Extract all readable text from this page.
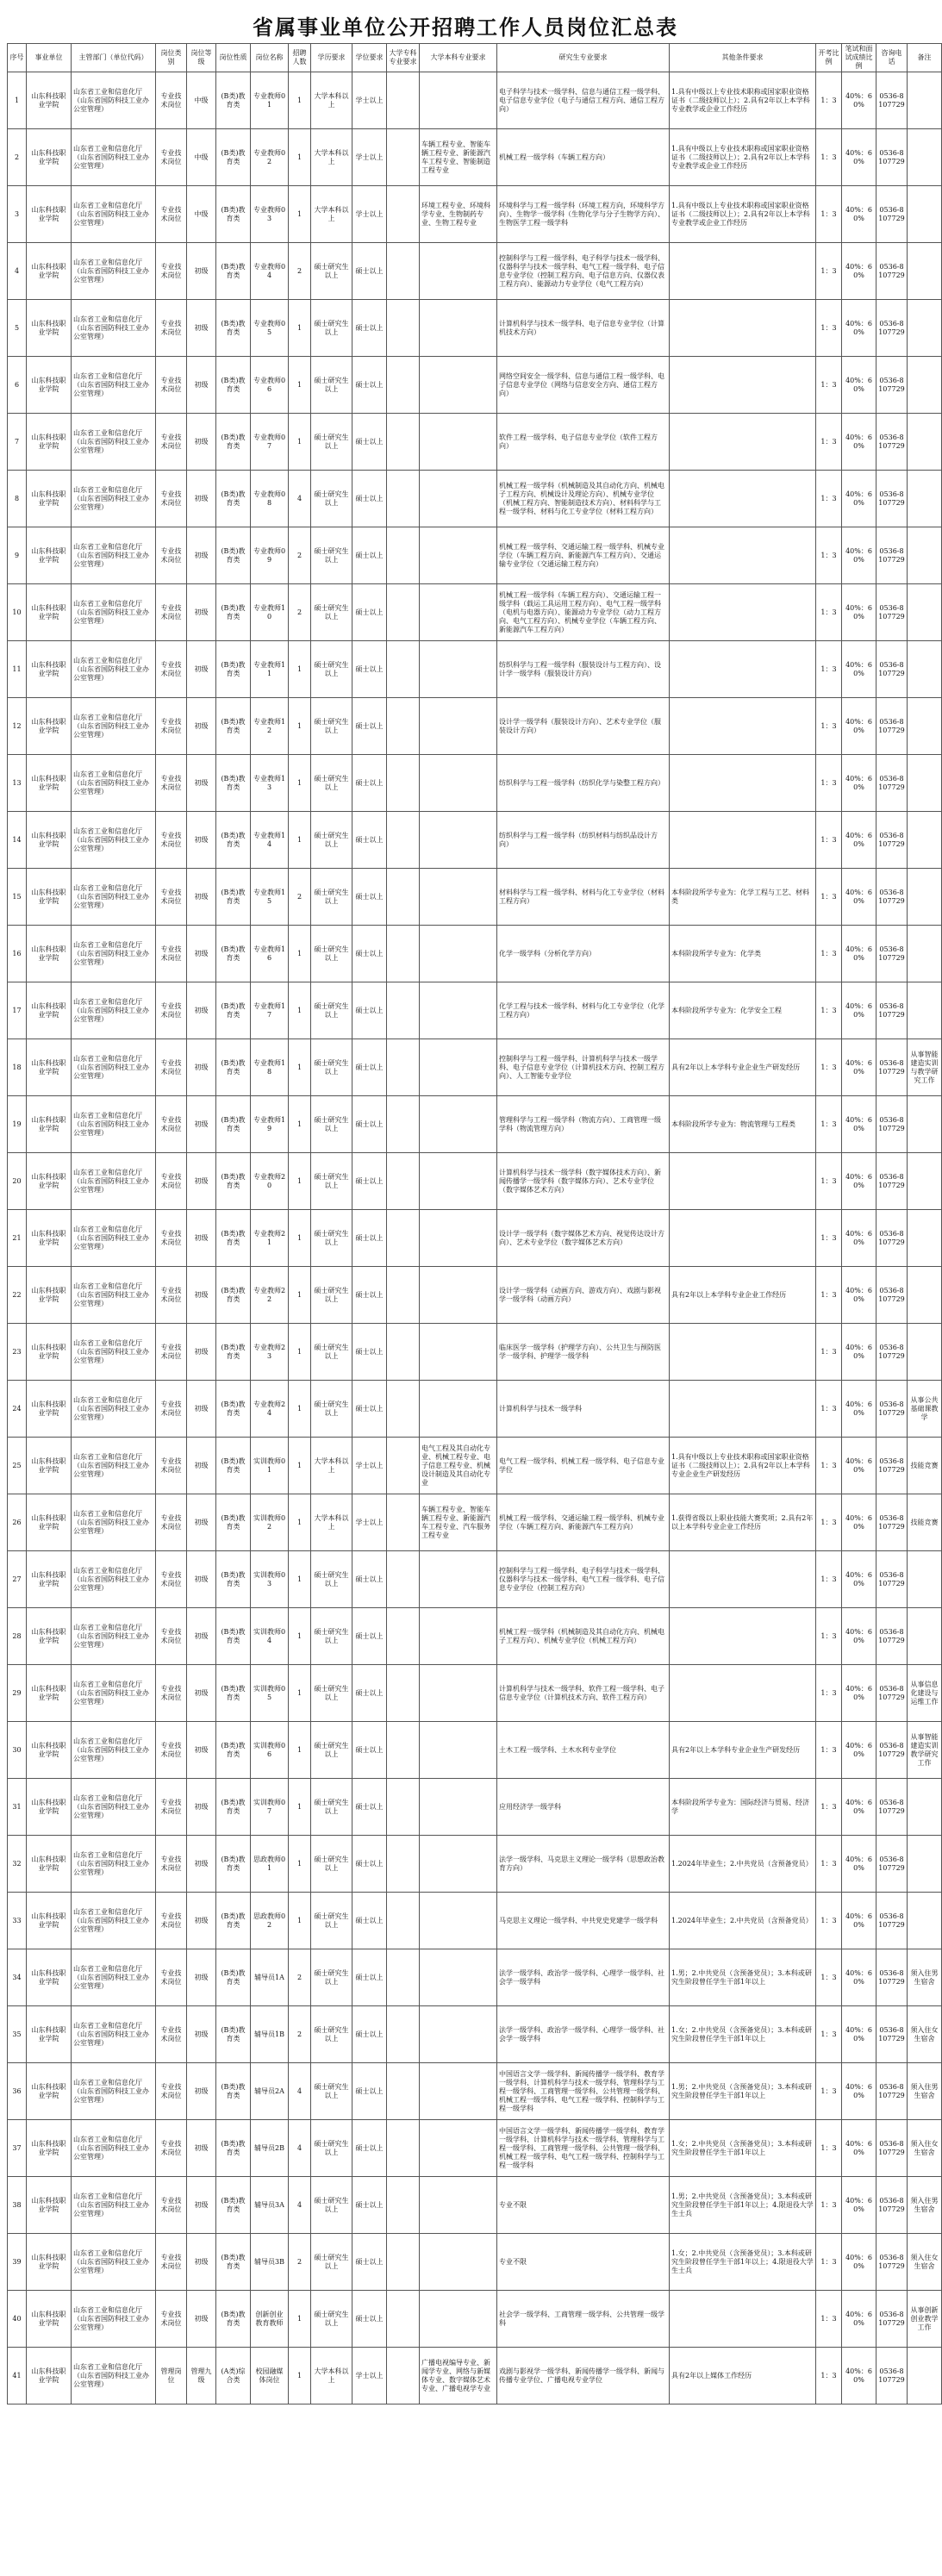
省属事业单位公开招聘工作人员岗位汇总表
序号	事业单位	主管部门（单位代码）	岗位类别	岗位等级	岗位性质	岗位名称	招聘人数	学历要求	学位要求	大学专科专业要求	大学本科专业要求	研究生专业要求	其他条件要求	开考比例	笔试和面试成绩比例	咨询电话	备注
1	山东科技职业学院	山东省工业和信息化厅（山东省国防科技工业办公室管理）	专业技术岗位	中级	(B类)教育类	专业教师01	1	大学本科以上	学士以上			电子科学与技术一级学科、信息与通信工程一级学科、电子信息专业学位（电子与通信工程方向、通信工程方向）	1.具有中级以上专业技术职称或国家职业资格证书（二级技师以上）；2.具有2年以上本学科专业教学或企业工作经历	1：3	40%：60%	0536-8107729	
2	山东科技职业学院	山东省工业和信息化厅（山东省国防科技工业办公室管理）	专业技术岗位	中级	(B类)教育类	专业教师02	1	大学本科以上	学士以上		车辆工程专业、智能车辆工程专业、新能源汽车工程专业、智能制造工程专业	机械工程一级学科（车辆工程方向）	1.具有中级以上专业技术职称或国家职业资格证书（二级技师以上）；2.具有2年以上本学科专业教学或企业工作经历	1：3	40%：60%	0536-8107729	
3	山东科技职业学院	山东省工业和信息化厅（山东省国防科技工业办公室管理）	专业技术岗位	中级	(B类)教育类	专业教师03	1	大学本科以上	学士以上		环境工程专业、环境科学专业、生物制药专业、生物工程专业	环境科学与工程一级学科（环境工程方向，环境科学方向）、生物学一级学科（生物化学与分子生物学方向）、生物医学工程一级学科	1.具有中级以上专业技术职称或国家职业资格证书（二级技师以上）；2.具有2年以上本学科专业教学或企业工作经历	1：3	40%：60%	0536-8107729	
4	山东科技职业学院	山东省工业和信息化厅（山东省国防科技工业办公室管理）	专业技术岗位	初级	(B类)教育类	专业教师04	2	硕士研究生以上	硕士以上			控制科学与工程一级学科、电子科学与技术一级学科、仪器科学与技术一级学科、电气工程一级学科、电子信息专业学位（控制工程方向、电子信息方向、仪器仪表工程方向）、能源动力专业学位（电气工程方向）		1：3	40%：60%	0536-8107729	
5	山东科技职业学院	山东省工业和信息化厅（山东省国防科技工业办公室管理）	专业技术岗位	初级	(B类)教育类	专业教师05	1	硕士研究生以上	硕士以上			计算机科学与技术一级学科、电子信息专业学位（计算机技术方向）		1：3	40%：60%	0536-8107729	
6	山东科技职业学院	山东省工业和信息化厅（山东省国防科技工业办公室管理）	专业技术岗位	初级	(B类)教育类	专业教师06	1	硕士研究生以上	硕士以上			网络空间安全一级学科、信息与通信工程一级学科、电子信息专业学位（网络与信息安全方向、通信工程方向）		1：3	40%：60%	0536-8107729	
7	山东科技职业学院	山东省工业和信息化厅（山东省国防科技工业办公室管理）	专业技术岗位	初级	(B类)教育类	专业教师07	1	硕士研究生以上	硕士以上			软件工程一级学科、电子信息专业学位（软件工程方向）		1：3	40%：60%	0536-8107729	
8	山东科技职业学院	山东省工业和信息化厅（山东省国防科技工业办公室管理）	专业技术岗位	初级	(B类)教育类	专业教师08	4	硕士研究生以上	硕士以上			机械工程一级学科（机械制造及其自动化方向、机械电子工程方向、机械设计及理论方向）、机械专业学位（机械工程方向、智能制造技术方向）、材料科学与工程一级学科、材料与化工专业学位（材料工程方向）		1：3	40%：60%	0536-8107729	
9	山东科技职业学院	山东省工业和信息化厅（山东省国防科技工业办公室管理）	专业技术岗位	初级	(B类)教育类	专业教师09	2	硕士研究生以上	硕士以上			机械工程一级学科、交通运输工程一级学科、机械专业学位（车辆工程方向、新能源汽车工程方向）、交通运输专业学位（交通运输工程方向）		1：3	40%：60%	0536-8107729	
10	山东科技职业学院	山东省工业和信息化厅（山东省国防科技工业办公室管理）	专业技术岗位	初级	(B类)教育类	专业教师10	2	硕士研究生以上	硕士以上			机械工程一级学科（车辆工程方向）、交通运输工程一级学科（载运工具运用工程方向）、电气工程一级学科（电机与电器方向）、能源动力专业学位（动力工程方向、电气工程方向）、机械专业学位（车辆工程方向、新能源汽车工程方向）		1：3	40%：60%	0536-8107729	
11	山东科技职业学院	山东省工业和信息化厅（山东省国防科技工业办公室管理）	专业技术岗位	初级	(B类)教育类	专业教师11	1	硕士研究生以上	硕士以上			纺织科学与工程一级学科（服装设计与工程方向）、设计学一级学科（服装设计方向）		1：3	40%：60%	0536-8107729	
12	山东科技职业学院	山东省工业和信息化厅（山东省国防科技工业办公室管理）	专业技术岗位	初级	(B类)教育类	专业教师12	1	硕士研究生以上	硕士以上			设计学一级学科（服装设计方向）、艺术专业学位（服装设计方向）		1：3	40%：60%	0536-8107729	
13	山东科技职业学院	山东省工业和信息化厅（山东省国防科技工业办公室管理）	专业技术岗位	初级	(B类)教育类	专业教师13	1	硕士研究生以上	硕士以上			纺织科学与工程一级学科（纺织化学与染整工程方向）		1：3	40%：60%	0536-8107729	
14	山东科技职业学院	山东省工业和信息化厅（山东省国防科技工业办公室管理）	专业技术岗位	初级	(B类)教育类	专业教师14	1	硕士研究生以上	硕士以上			纺织科学与工程一级学科（纺织材料与纺织品设计方向）		1：3	40%：60%	0536-8107729	
15	山东科技职业学院	山东省工业和信息化厅（山东省国防科技工业办公室管理）	专业技术岗位	初级	(B类)教育类	专业教师15	2	硕士研究生以上	硕士以上			材料科学与工程一级学科、材料与化工专业学位（材料工程方向）	本科阶段所学专业为：化学工程与工艺、材料类	1：3	40%：60%	0536-8107729	
16	山东科技职业学院	山东省工业和信息化厅（山东省国防科技工业办公室管理）	专业技术岗位	初级	(B类)教育类	专业教师16	1	硕士研究生以上	硕士以上			化学一级学科（分析化学方向）	本科阶段所学专业为：化学类	1：3	40%：60%	0536-8107729	
17	山东科技职业学院	山东省工业和信息化厅（山东省国防科技工业办公室管理）	专业技术岗位	初级	(B类)教育类	专业教师17	1	硕士研究生以上	硕士以上			化学工程与技术一级学科、材料与化工专业学位（化学工程方向）	本科阶段所学专业为：化学安全工程	1：3	40%：60%	0536-8107729	
18	山东科技职业学院	山东省工业和信息化厅（山东省国防科技工业办公室管理）	专业技术岗位	初级	(B类)教育类	专业教师18	1	硕士研究生以上	硕士以上			控制科学与工程一级学科、计算机科学与技术一级学科、电子信息专业学位（计算机技术方向、控制工程方向）、人工智能专业学位	具有2年以上本学科专业企业生产研发经历	1：3	40%：60%	0536-8107729	从事智能建造实训与教学研究工作
19	山东科技职业学院	山东省工业和信息化厅（山东省国防科技工业办公室管理）	专业技术岗位	初级	(B类)教育类	专业教师19	1	硕士研究生以上	硕士以上			管理科学与工程一级学科（物流方向）、工商管理一级学科（物流管理方向）	本科阶段所学专业为：物流管理与工程类	1：3	40%：60%	0536-8107729	
20	山东科技职业学院	山东省工业和信息化厅（山东省国防科技工业办公室管理）	专业技术岗位	初级	(B类)教育类	专业教师20	1	硕士研究生以上	硕士以上			计算机科学与技术一级学科（数字媒体技术方向）、新闻传播学一级学科（数字媒体方向）、艺术专业学位（数字媒体艺术方向）		1：3	40%：60%	0536-8107729	
21	山东科技职业学院	山东省工业和信息化厅（山东省国防科技工业办公室管理）	专业技术岗位	初级	(B类)教育类	专业教师21	1	硕士研究生以上	硕士以上			设计学一级学科（数字媒体艺术方向、视觉传达设计方向）、艺术专业学位（数字媒体艺术方向）		1：3	40%：60%	0536-8107729	
22	山东科技职业学院	山东省工业和信息化厅（山东省国防科技工业办公室管理）	专业技术岗位	初级	(B类)教育类	专业教师22	1	硕士研究生以上	硕士以上			设计学一级学科（动画方向、游戏方向）、戏剧与影视学一级学科（动画方向）	具有2年以上本学科专业企业工作经历	1：3	40%：60%	0536-8107729	
23	山东科技职业学院	山东省工业和信息化厅（山东省国防科技工业办公室管理）	专业技术岗位	初级	(B类)教育类	专业教师23	1	硕士研究生以上	硕士以上			临床医学一级学科（护理学方向）、公共卫生与预防医学一级学科、护理学一级学科		1：3	40%：60%	0536-8107729	
24	山东科技职业学院	山东省工业和信息化厅（山东省国防科技工业办公室管理）	专业技术岗位	初级	(B类)教育类	专业教师24	1	硕士研究生以上	硕士以上			计算机科学与技术一级学科		1：3	40%：60%	0536-8107729	从事公共基础课教学
25	山东科技职业学院	山东省工业和信息化厅（山东省国防科技工业办公室管理）	专业技术岗位	初级	(B类)教育类	实训教师01	1	大学本科以上	学士以上		电气工程及其自动化专业、机械工程专业、电子信息工程专业、机械设计制造及其自动化专业	电气工程一级学科、机械工程一级学科、电子信息专业学位	1.具有中级以上专业技术职称或国家职业资格证书（二级技师以上）；2.具有2年以上本学科专业企业生产研发经历	1：3	40%：60%	0536-8107729	技能竞赛
26	山东科技职业学院	山东省工业和信息化厅（山东省国防科技工业办公室管理）	专业技术岗位	初级	(B类)教育类	实训教师02	1	大学本科以上	学士以上		车辆工程专业、智能车辆工程专业、新能源汽车工程专业、汽车服务工程专业	机械工程一级学科、交通运输工程一级学科、机械专业学位（车辆工程方向、新能源汽车工程方向）	1.获得省级以上职业技能大赛奖项；2.具有2年以上本学科专业企业工作经历	1：3	40%：60%	0536-8107729	技能竞赛
27	山东科技职业学院	山东省工业和信息化厅（山东省国防科技工业办公室管理）	专业技术岗位	初级	(B类)教育类	实训教师03	1	硕士研究生以上	硕士以上			控制科学与工程一级学科、电子科学与技术一级学科、仪器科学与技术一级学科、电气工程一级学科、电子信息专业学位（控制工程方向）		1：3	40%：60%	0536-8107729	
28	山东科技职业学院	山东省工业和信息化厅（山东省国防科技工业办公室管理）	专业技术岗位	初级	(B类)教育类	实训教师04	1	硕士研究生以上	硕士以上			机械工程一级学科（机械制造及其自动化方向、机械电子工程方向）、机械专业学位（机械工程方向）		1：3	40%：60%	0536-8107729	
29	山东科技职业学院	山东省工业和信息化厅（山东省国防科技工业办公室管理）	专业技术岗位	初级	(B类)教育类	实训教师05	1	硕士研究生以上	硕士以上			计算机科学与技术一级学科、软件工程一级学科、电子信息专业学位（计算机技术方向、软件工程方向）		1：3	40%：60%	0536-8107729	从事信息化建设与运维工作
30	山东科技职业学院	山东省工业和信息化厅（山东省国防科技工业办公室管理）	专业技术岗位	初级	(B类)教育类	实训教师06	1	硕士研究生以上	硕士以上			土木工程一级学科、土木水利专业学位	具有2年以上本学科专业企业生产研发经历	1：3	40%：60%	0536-8107729	从事智能建造实训教学研究工作
31	山东科技职业学院	山东省工业和信息化厅（山东省国防科技工业办公室管理）	专业技术岗位	初级	(B类)教育类	实训教师07	1	硕士研究生以上	硕士以上			应用经济学一级学科	本科阶段所学专业为：国际经济与贸易、经济学	1：3	40%：60%	0536-8107729	
32	山东科技职业学院	山东省工业和信息化厅（山东省国防科技工业办公室管理）	专业技术岗位	初级	(B类)教育类	思政教师01	1	硕士研究生以上	硕士以上			法学一级学科、马克思主义理论一级学科（思想政治教育方向）	1.2024年毕业生；2.中共党员（含预备党员）	1：3	40%：60%	0536-8107729	
33	山东科技职业学院	山东省工业和信息化厅（山东省国防科技工业办公室管理）	专业技术岗位	初级	(B类)教育类	思政教师02	1	硕士研究生以上	硕士以上			马克思主义理论一级学科、中共党史党建学一级学科	1.2024年毕业生；2.中共党员（含预备党员）	1：3	40%：60%	0536-8107729	
34	山东科技职业学院	山东省工业和信息化厅（山东省国防科技工业办公室管理）	专业技术岗位	初级	(B类)教育类	辅导员1A	2	硕士研究生以上	硕士以上			法学一级学科、政治学一级学科、心理学一级学科、社会学一级学科	1.男；2.中共党员（含预备党员）；3.本科或研究生阶段曾任学生干部1年以上	1：3	40%：60%	0536-8107729	须入住男生宿舍
35	山东科技职业学院	山东省工业和信息化厅（山东省国防科技工业办公室管理）	专业技术岗位	初级	(B类)教育类	辅导员1B	2	硕士研究生以上	硕士以上			法学一级学科、政治学一级学科、心理学一级学科、社会学一级学科	1.女；2.中共党员（含预备党员）；3.本科或研究生阶段曾任学生干部1年以上	1：3	40%：60%	0536-8107729	须入住女生宿舍
36	山东科技职业学院	山东省工业和信息化厅（山东省国防科技工业办公室管理）	专业技术岗位	初级	(B类)教育类	辅导员2A	4	硕士研究生以上	硕士以上			中国语言文学一级学科、新闻传播学一级学科、教育学一级学科、计算机科学与技术一级学科、管理科学与工程一级学科、工商管理一级学科、公共管理一级学科、机械工程一级学科、电气工程一级学科、控制科学与工程一级学科	1.男；2.中共党员（含预备党员）；3.本科或研究生阶段曾任学生干部1年以上	1：3	40%：60%	0536-8107729	须入住男生宿舍
37	山东科技职业学院	山东省工业和信息化厅（山东省国防科技工业办公室管理）	专业技术岗位	初级	(B类)教育类	辅导员2B	4	硕士研究生以上	硕士以上			中国语言文学一级学科、新闻传播学一级学科、教育学一级学科、计算机科学与技术一级学科、管理科学与工程一级学科、工商管理一级学科、公共管理一级学科、机械工程一级学科、电气工程一级学科、控制科学与工程一级学科	1.女；2.中共党员（含预备党员）；3.本科或研究生阶段曾任学生干部1年以上	1：3	40%：60%	0536-8107729	须入住女生宿舍
38	山东科技职业学院	山东省工业和信息化厅（山东省国防科技工业办公室管理）	专业技术岗位	初级	(B类)教育类	辅导员3A	4	硕士研究生以上	硕士以上			专业不限	1.男；2.中共党员（含预备党员）；3.本科或研究生阶段曾任学生干部1年以上；4.限退役大学生士兵	1：3	40%：60%	0536-8107729	须入住男生宿舍
39	山东科技职业学院	山东省工业和信息化厅（山东省国防科技工业办公室管理）	专业技术岗位	初级	(B类)教育类	辅导员3B	2	硕士研究生以上	硕士以上			专业不限	1.女；2.中共党员（含预备党员）；3.本科或研究生阶段曾任学生干部1年以上；4.限退役大学生士兵	1：3	40%：60%	0536-8107729	须入住女生宿舍
40	山东科技职业学院	山东省工业和信息化厅（山东省国防科技工业办公室管理）	专业技术岗位	初级	(B类)教育类	创新创业教育教师	1	硕士研究生以上	硕士以上			社会学一级学科、工商管理一级学科、公共管理一级学科		1：3	40%：60%	0536-8107729	从事创新创业教学工作
41	山东科技职业学院	山东省工业和信息化厅（山东省国防科技工业办公室管理）	管理岗位	管理九级	(A类)综合类	校园融媒体岗位	1	大学本科以上	学士以上		广播电视编导专业、新闻学专业、网络与新媒体专业、数字媒体艺术专业、广播电视学专业	戏剧与影视学一级学科、新闻传播学一级学科、新闻与传播专业学位、广播电视专业学位	具有2年以上媒体工作经历	1：3	40%：60%	0536-8107729	
